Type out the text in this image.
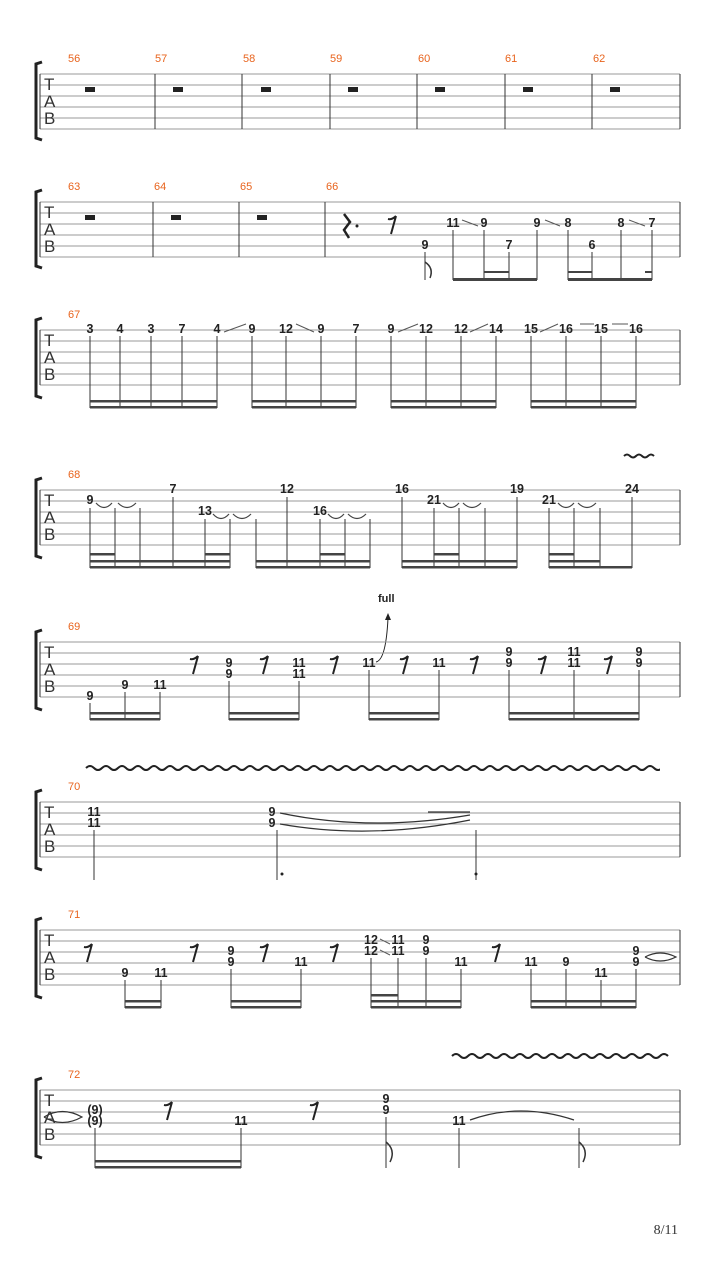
T
A
B
56	57	58	59	60	61	62
T
A
B
63	64	65	66
9
11 9
7
9 8
6
8 7
T
A
B
67
3 4 3 7 4 9 12 9 7 9 12 12 14 15 16 15 16
T
A
B
68
9
7
13
12
16
16
21
19
21
24
full
T
A
B
69
9
9 11
9
9
11
11
11	11
9
9
11
11
9
9
T
A
B
70
11
11
9
9
T
A
B
71
9 11
9
9	11
12 11
12 11
9
9
11	11 9
11
9
9
T
A
B
72
(9)
(9)	11
9
9
11
8/11
